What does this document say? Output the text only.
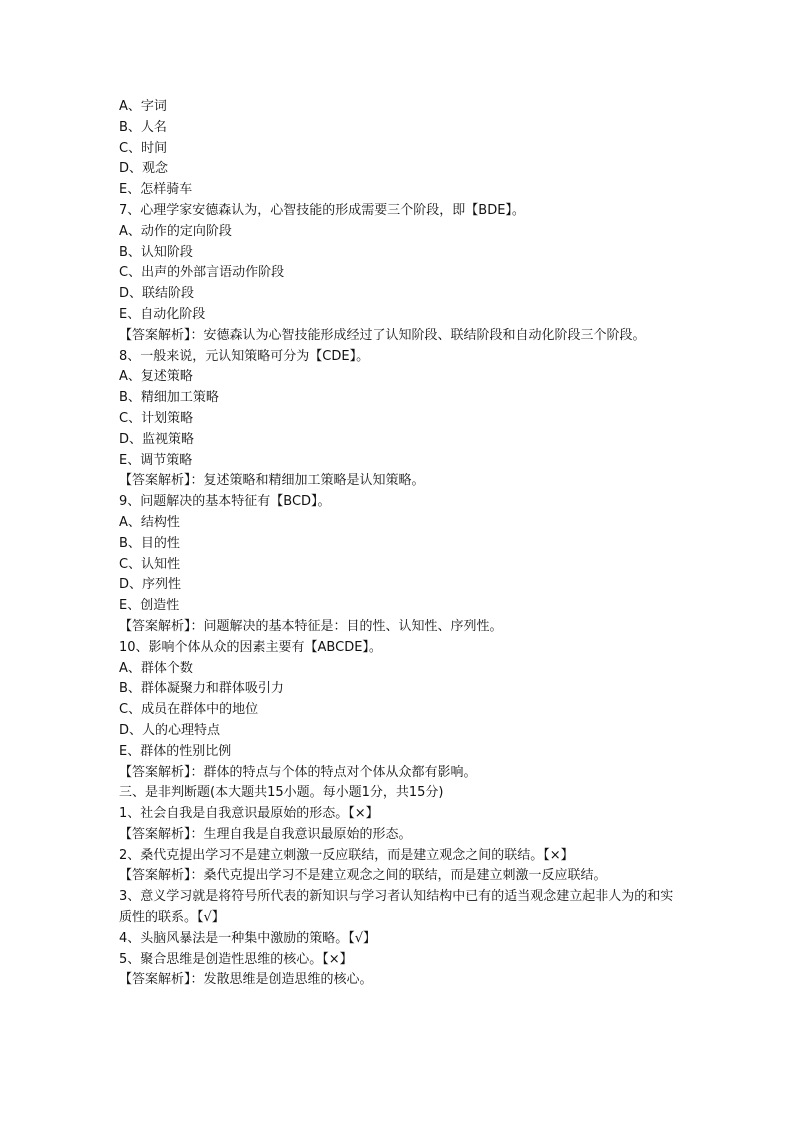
A、字词

B、人名

C、时间

D、观念

E、怎样骑车

7、心理学家安德森认为，心智技能的形成需要三个阶段，即【BDE】。

A、动作的定向阶段

B、认知阶段

C、出声的外部言语动作阶段

D、联结阶段

E、自动化阶段

【答案解析】：安德森认为心智技能形成经过了认知阶段、联结阶段和自动化阶段三个阶段。

8、一般来说，元认知策略可分为【CDE】。

A、复述策略

B、精细加工策略

C、计划策略

D、监视策略

E、调节策略

【答案解析】：复述策略和精细加工策略是认知策略。

9、问题解决的基本特征有【BCD】。

A、结构性

B、目的性

C、认知性

D、序列性

E、创造性

【答案解析】：问题解决的基本特征是：目的性、认知性、序列性。

10、影响个体从众的因素主要有【ABCDE】。

A、群体个数

B、群体凝聚力和群体吸引力

C、成员在群体中的地位

D、人的心理特点

E、群体的性别比例

【答案解析】：群体的特点与个体的特点对个体从众都有影响。

三、是非判断题(本大题共15小题。每小题1分，共15分)

1、社会自我是自我意识最原始的形态。【×】

【答案解析】：生理自我是自我意识最原始的形态。

2、桑代克提出学习不是建立刺激一反应联结，而是建立观念之间的联结。【×】

【答案解析】：桑代克提出学习不是建立观念之间的联结，而是建立刺激一反应联结。

3、意义学习就是将符号所代表的新知识与学习者认知结构中已有的适当观念建立起非人为的和实质性的联系。【√】

4、头脑风暴法是一种集中激励的策略。【√】

5、聚合思维是创造性思维的核心。【×】

【答案解析】：发散思维是创造思维的核心。
